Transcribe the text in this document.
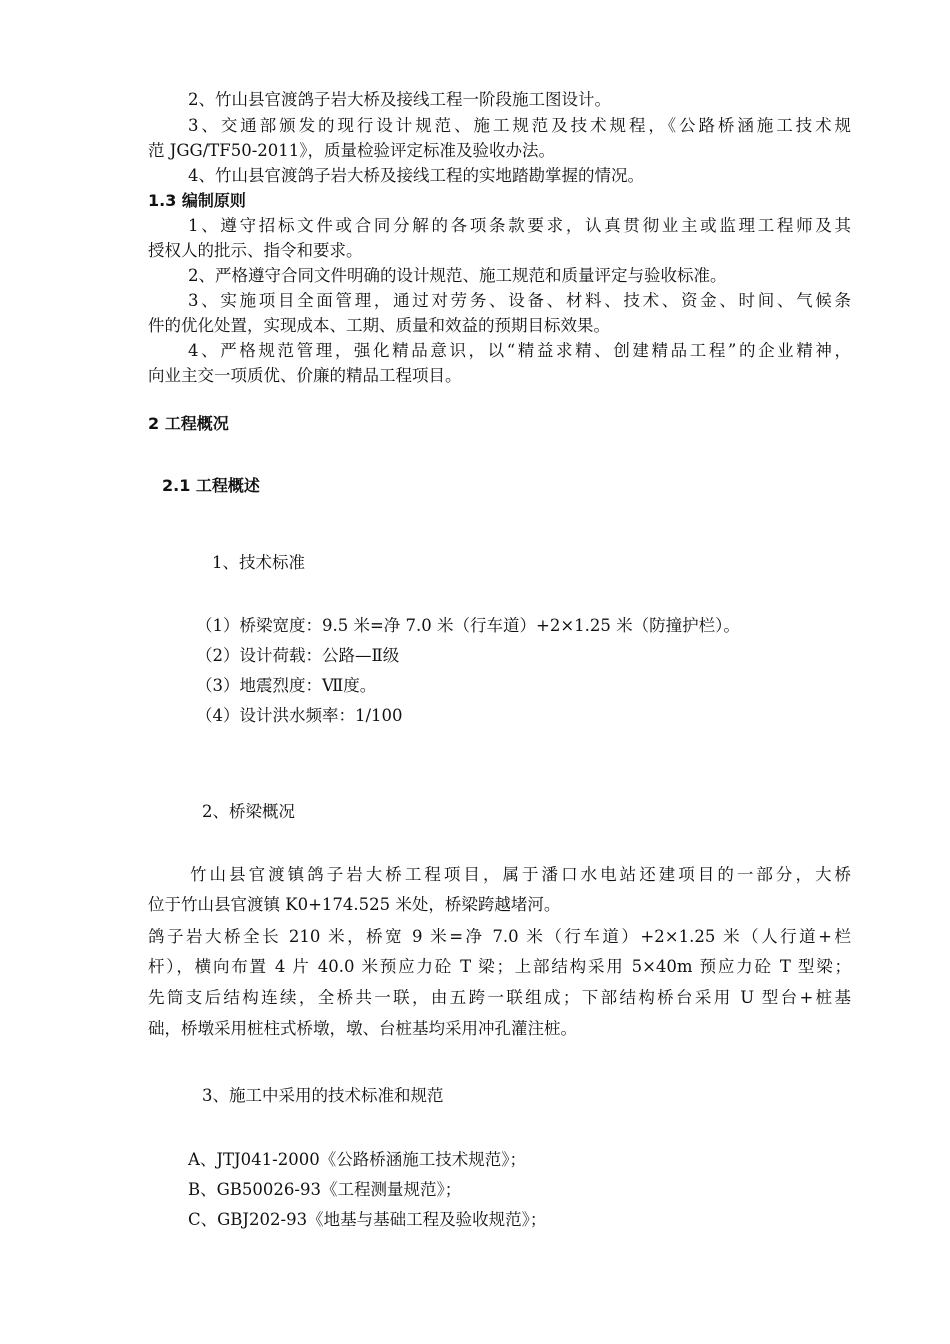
2、竹山县官渡鸽子岩大桥及接线工程一阶段施工图设计。

3、交通部颁发的现行设计规范、施工规范及技术规程，《公路桥涵施工技术规

范 JGG/TF50-2011》，质量检验评定标准及验收办法。

4、竹山县官渡鸽子岩大桥及接线工程的实地踏勘掌握的情况。

1.3 编制原则

1、遵守招标文件或合同分解的各项条款要求，认真贯彻业主或监理工程师及其

授权人的批示、指令和要求。

2、严格遵守合同文件明确的设计规范、施工规范和质量评定与验收标准。

3、实施项目全面管理，通过对劳务、设备、材料、技术、资金、时间、气候条

件的优化处置，实现成本、工期、质量和效益的预期目标效果。

4、严格规范管理，强化精品意识，以“精益求精、创建精品工程”的企业精神，

向业主交一项质优、价廉的精品工程项目。

2 工程概况

2.1 工程概述

1、技术标准

（1）桥梁宽度：9.5 米=净 7.0 米（行车道）+2×1.25 米（防撞护栏）。

（2）设计荷载：公路—Ⅱ级

（3）地震烈度：Ⅶ度。

（4）设计洪水频率：1/100

2、桥梁概况

竹山县官渡镇鸽子岩大桥工程项目，属于潘口水电站还建项目的一部分，大桥

位于竹山县官渡镇 K0+174.525 米处，桥梁跨越堵河。

鸽子岩大桥全长 210 米，桥宽 9 米=净 7.0 米（行车道）+2×1.25 米（人行道+栏

杆），横向布置 4 片 40.0 米预应力砼 T 梁；上部结构采用 5×40m 预应力砼 T 型梁；

先筒支后结构连续，全桥共一联，由五跨一联组成；下部结构桥台采用 U 型台+桩基

础，桥墩采用桩柱式桥墩，墩、台桩基均采用冲孔灌注桩。

3、施工中采用的技术标准和规范

A、JTJ041-2000《公路桥涵施工技术规范》；

B、GB50026-93《工程测量规范》；

C、GBJ202-93《地基与基础工程及验收规范》；
